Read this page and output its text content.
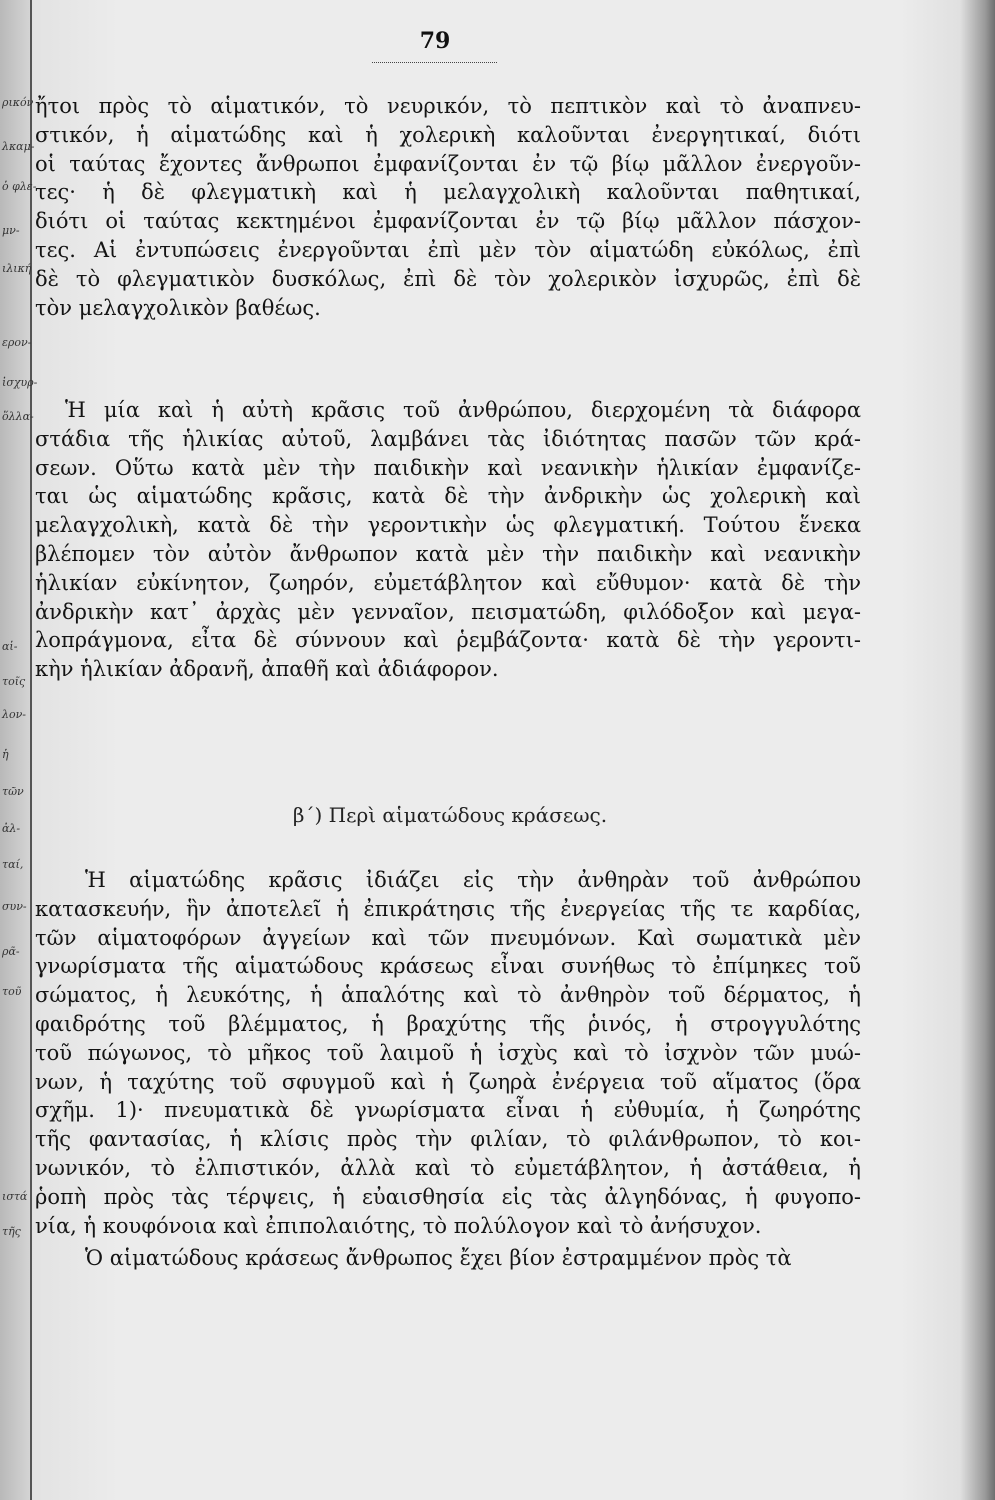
ρικόν
λκαμ-
ὁ φλε-
μν-
ιλική
ερον-
ἰσχυρ-
ὅλλα-
αἱ-
τοῖς
λον-
ἡ
τῶν
ἀλ-
ταί,
συν-
ρᾶ-
τοῦ
ιστά
τῆς
79
ἤτοι πρὸς τὸ αἱματικόν, τὸ νευρικόν, τὸ πεπτικὸν καὶ τὸ ἀναπνευ-
στικόν, ἡ αἱματώδης καὶ ἡ χολερικὴ καλοῦνται ἐνεργητικαί, διότι
οἱ ταύτας ἔχοντες ἄνθρωποι ἐμφανίζονται ἐν τῷ βίῳ μᾶλλον ἐνεργοῦν-
τες· ἡ δὲ φλεγματικὴ καὶ ἡ μελαγχολικὴ καλοῦνται παθητικαί,
διότι οἱ ταύτας κεκτημένοι ἐμφανίζονται ἐν τῷ βίῳ μᾶλλον πάσχον-
τες. Αἱ ἐντυπώσεις ἐνεργοῦνται ἐπὶ μὲν τὸν αἱματώδη εὐκόλως, ἐπὶ
δὲ τὸ φλεγματικὸν δυσκόλως, ἐπὶ δὲ τὸν χολερικὸν ἰσχυρῶς, ἐπὶ δὲ
τὸν μελαγχολικὸν βαθέως.
Ἡ μία καὶ ἡ αὐτὴ κρᾶσις τοῦ ἀνθρώπου, διερχομένη τὰ διάφορα
στάδια τῆς ἡλικίας αὐτοῦ, λαμβάνει τὰς ἰδιότητας πασῶν τῶν κρά-
σεων. Οὕτω κατὰ μὲν τὴν παιδικὴν καὶ νεανικὴν ἡλικίαν ἐμφανίζε-
ται ὡς αἱματώδης κρᾶσις, κατὰ δὲ τὴν ἀνδρικὴν ὡς χολερικὴ καὶ
μελαγχολικὴ, κατὰ δὲ τὴν γεροντικὴν ὡς φλεγματική. Τούτου ἕνεκα
βλέπομεν τὸν αὐτὸν ἄνθρωπον κατὰ μὲν τὴν παιδικὴν καὶ νεανικὴν
ἡλικίαν εὐκίνητον, ζωηρόν, εὐμετάβλητον καὶ εὔθυμον· κατὰ δὲ τὴν
ἀνδρικὴν κατ᾽ ἀρχὰς μὲν γενναῖον, πεισματώδη, φιλόδοξον καὶ μεγα-
λοπράγμονα, εἶτα δὲ σύννουν καὶ ῥεμβάζοντα· κατὰ δὲ τὴν γεροντι-
κὴν ἡλικίαν ἀδρανῆ, ἀπαθῆ καὶ ἀδιάφορον.
Ἡ αἱματώδης κρᾶσις ἰδιάζει εἰς τὴν ἀνθηρὰν τοῦ ἀνθρώπου
κατασκευήν, ἣν ἀποτελεῖ ἡ ἐπικράτησις τῆς ἐνεργείας τῆς τε καρδίας,
τῶν αἱματοφόρων ἀγγείων καὶ τῶν πνευμόνων. Καὶ σωματικὰ μὲν
γνωρίσματα τῆς αἱματώδους κράσεως εἶναι συνήθως τὸ ἐπίμηκες τοῦ
σώματος, ἡ λευκότης, ἡ ἁπαλότης καὶ τὸ ἀνθηρὸν τοῦ δέρματος, ἡ
φαιδρότης τοῦ βλέμματος, ἡ βραχύτης τῆς ῥινός, ἡ στρογγυλότης
τοῦ πώγωνος, τὸ μῆκος τοῦ λαιμοῦ ἡ ἰσχὺς καὶ τὸ ἰσχνὸν τῶν μυώ-
νων, ἡ ταχύτης τοῦ σφυγμοῦ καὶ ἡ ζωηρὰ ἐνέργεια τοῦ αἵματος (ὅρα
σχῆμ. 1)· πνευματικὰ δὲ γνωρίσματα εἶναι ἡ εὐθυμία, ἡ ζωηρότης
τῆς φαντασίας, ἡ κλίσις πρὸς τὴν φιλίαν, τὸ φιλάνθρωπον, τὸ κοι-
νωνικόν, τὸ ἐλπιστικόν, ἀλλὰ καὶ τὸ εὐμετάβλητον, ἡ ἀστάθεια, ἡ
ῥοπὴ πρὸς τὰς τέρψεις, ἡ εὐαισθησία εἰς τὰς ἀλγηδόνας, ἡ φυγοπο-
νία, ἡ κουφόνοια καὶ ἐπιπολαιότης, τὸ πολύλογον καὶ τὸ ἀνήσυχον.
Ὁ αἱματώδους κράσεως ἄνθρωπος ἔχει βίον ἐστραμμένον πρὸς τὰ
β΄) Περὶ αἱματώδους κράσεως.
